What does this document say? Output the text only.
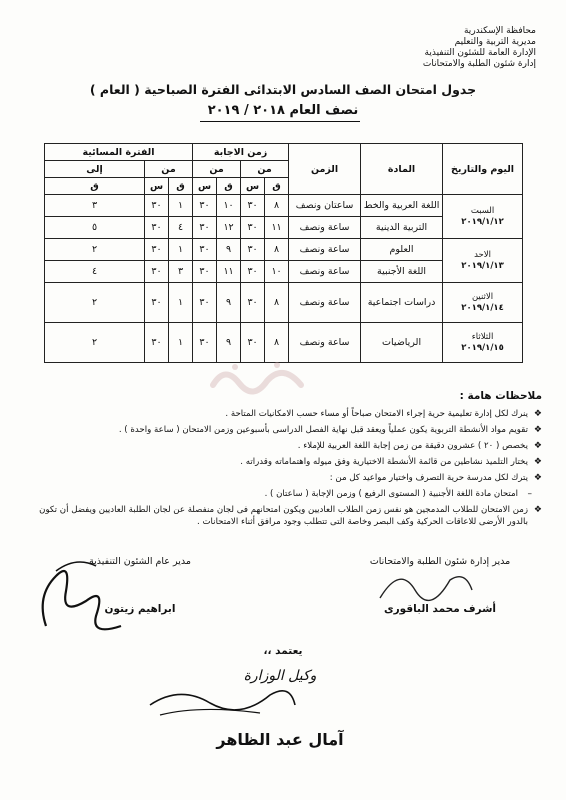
محافظة الإسكندرية
مديرية التربية والتعليم
الإدارة العامة للشئون التنفيذية
إدارة شئون الطلبة والامتحانات
جدول امتحان الصف السادس الابتدائى الفترة الصباحية ( العام )
نصف العام ٢٠١٨ / ٢٠١٩
اليوم والتاريخ	المادة	الزمن	زمن الاجابة				الفترة المسائية		
			من		من		من		إلى
			ق	س	ق	س	ق	س	ق

السبت
٢٠١٩/١/١٢	اللغة العربية والخط	ساعتان ونصف	٨	٣٠	١٠	٣٠	١	٣٠	٣
	التربية الدينية	ساعة ونصف	١١	٣٠	١٢	٣٠	٤	٣٠	٥

الاحد
٢٠١٩/١/١٣	العلوم	ساعة ونصف	٨	٣٠	٩	٣٠	١	٣٠	٢
	اللغة الأجنبية	ساعة ونصف	١٠	٣٠	١١	٣٠	٣	٣٠	٤

الاثنين
٢٠١٩/١/١٤	دراسات اجتماعية	ساعة ونصف	٨	٣٠	٩	٣٠	١	٣٠	٢

الثلاثاء
٢٠١٩/١/١٥	الرياضيات	ساعة ونصف	٨	٣٠	٩	٣٠	١	٣٠	٢
ملاحظات هامة :
❖
ينرك لكل إدارة تعليمية حرية إجراء الامتحان صباحاً أو مساء حسب الامكانيات المتاحة .
❖
تقويم مواد الأنشطة التربوية يكون عملياً ويعقد قبل نهاية الفصل الدراسى بأسبوعين وزمن الامتحان ( ساعة واحدة ) .
❖
يخصص ( ٢٠ ) عشرون دقيقة من زمن إجابة اللغة العربية للإملاء .
❖
يختار التلميذ نشاطين من قائمة الأنشطة الاختيارية وفق ميوله واهتماماته وقدراته .
❖
يترك لكل مدرسة حرية التصرف واختيار مواعيد كل من :
–
امتحان مادة اللغة الأجنبية ( المستوى الرفيع ) وزمن الإجابة ( ساعتان ) .
❖
زمن الامتحان للطلاب المدمجين هو نفس زمن الطلاب العاديين ويكون امتحانهم فى لجان منفصلة عن لجان الطلبة العاديين ويفضل أن تكون بالدور الأرضى للاعاقات الحركية وكف البصر وخاصة التى تتطلب وجود مرافق أثناء الامتحانات .
مدير إدارة شئون الطلبة والامتحانات
أشرف محمد الباقورى
مدير عام الشئون التنفيذية
ابراهيم زيتون
يعتمد ،،
وكيل الوزارة
آمال عبد الظاهر
